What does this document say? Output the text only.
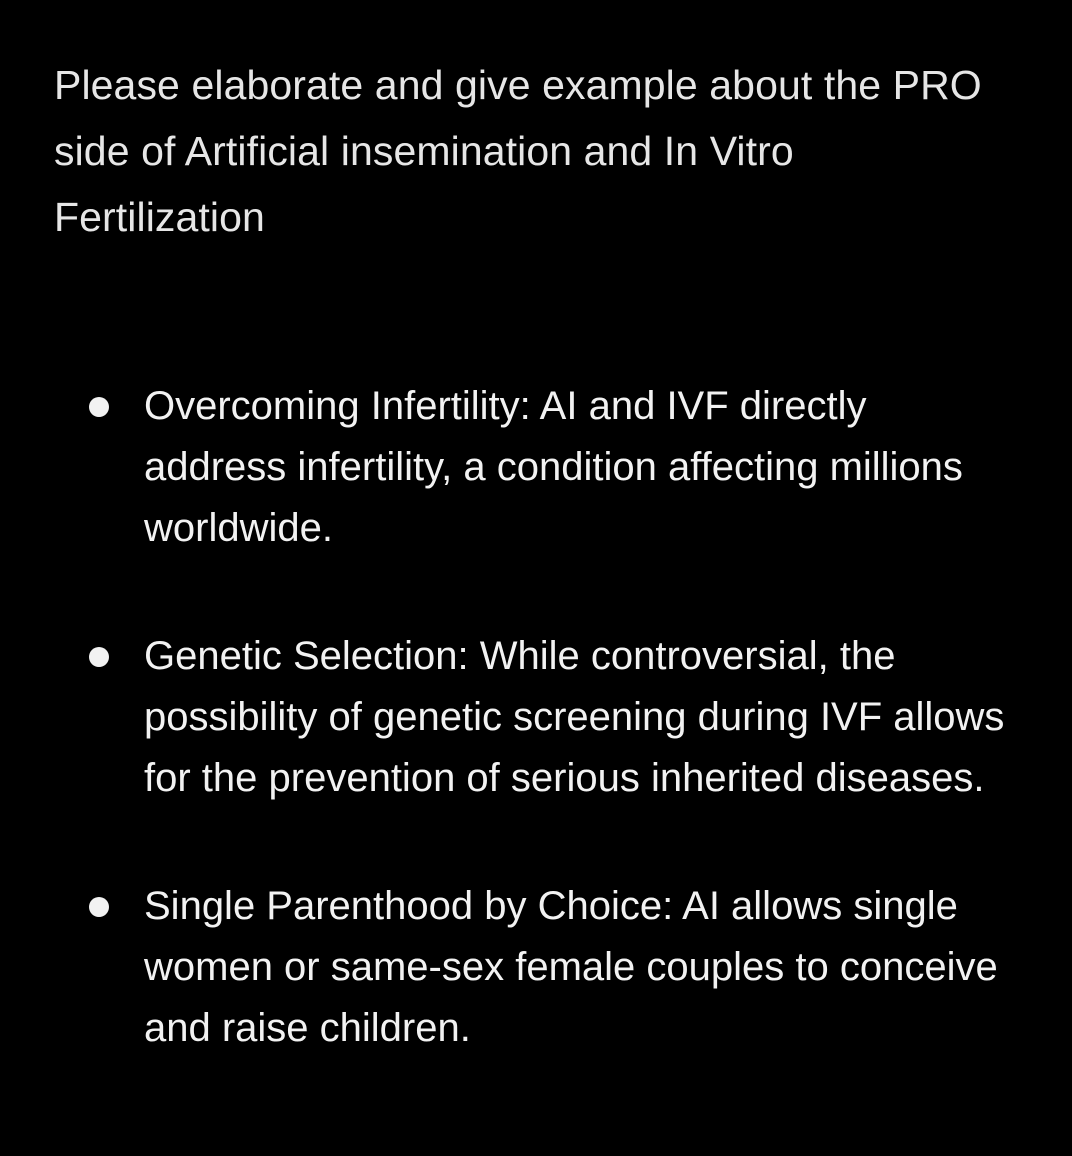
Please elaborate and give example about the PRO side of Artificial insemination and In Vitro Fertilization

Overcoming Infertility: AI and IVF directly address infertility, a condition affecting millions worldwide.
Genetic Selection: While controversial, the possibility of genetic screening during IVF allows for the prevention of serious inherited diseases.
Single Parenthood by Choice: AI allows single women or same-sex female couples to conceive and raise children.
